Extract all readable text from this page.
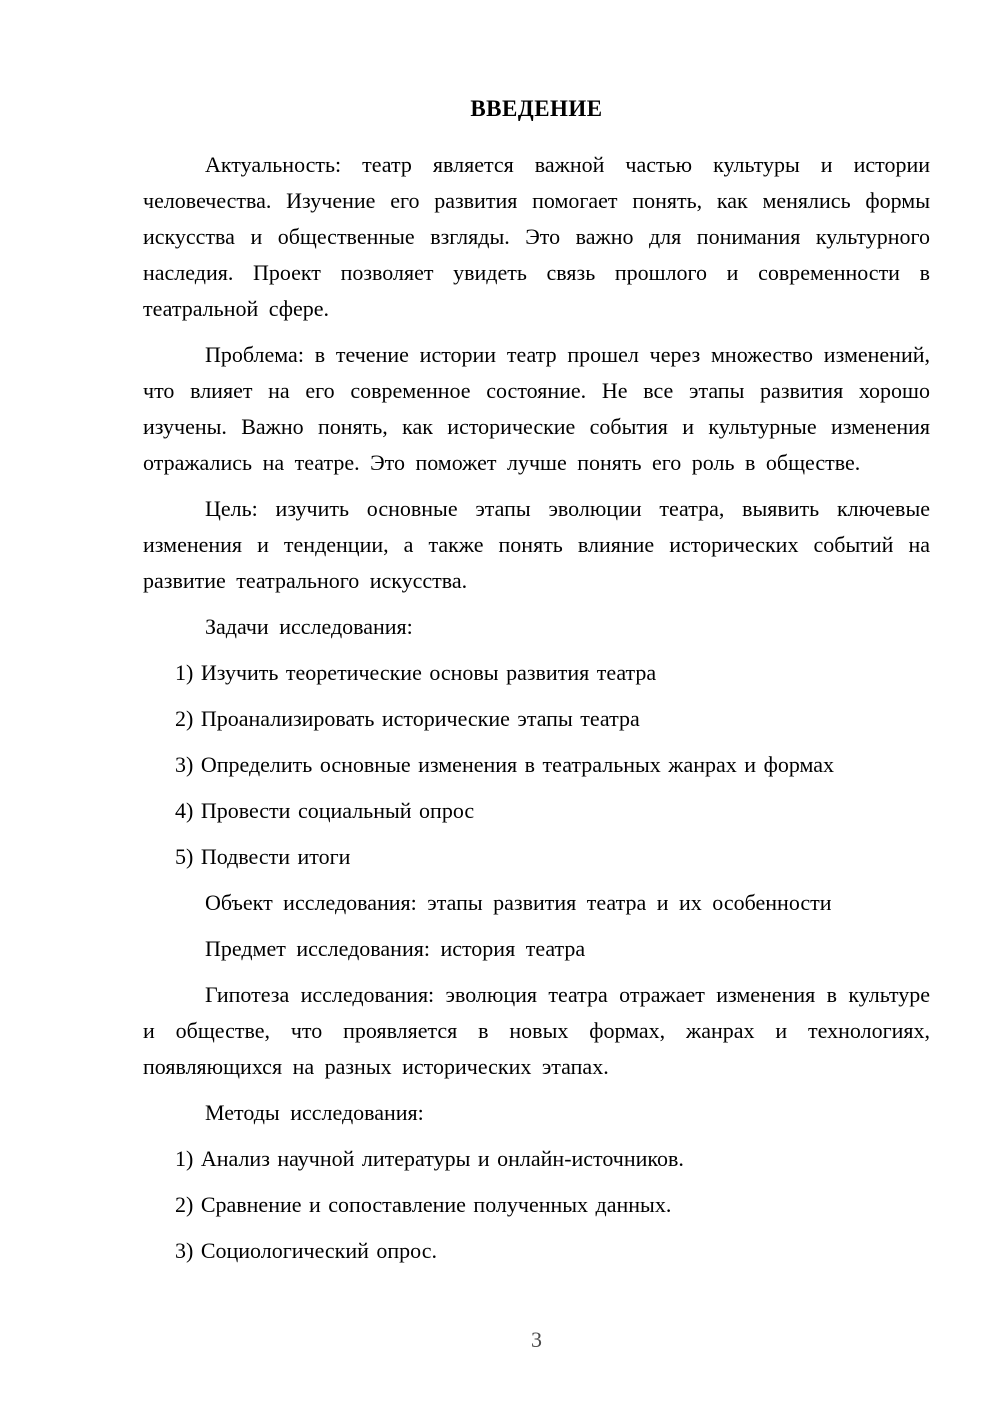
ВВЕДЕНИЕ

Актуальность: театр является важной частью культуры и истории человечества. Изучение его развития помогает понять, как менялись формы искусства и общественные взгляды. Это важно для понимания культурного наследия. Проект позволяет увидеть связь прошлого и современности в театральной сфере.

Проблема: в течение истории театр прошел через множество изменений, что влияет на его современное состояние. Не все этапы развития хорошо изучены. Важно понять, как исторические события и культурные изменения отражались на театре. Это поможет лучше понять его роль в обществе.

Цель: изучить основные этапы эволюции театра, выявить ключевые изменения и тенденции, а также понять влияние исторических событий на развитие театрального искусства.

Задачи исследования:

1) Изучить теоретические основы развития театра

2) Проанализировать исторические этапы театра

3) Определить основные изменения в театральных жанрах и формах

4) Провести социальный опрос

5) Подвести итоги

Объект исследования: этапы развития театра и их особенности

Предмет исследования: история театра

Гипотеза исследования: эволюция театра отражает изменения в культуре и обществе, что проявляется в новых формах, жанрах и технологиях, появляющихся на разных исторических этапах.

Методы исследования:

1) Анализ научной литературы и онлайн-источников.

2) Сравнение и сопоставление полученных данных.

3) Социологический опрос.

3
